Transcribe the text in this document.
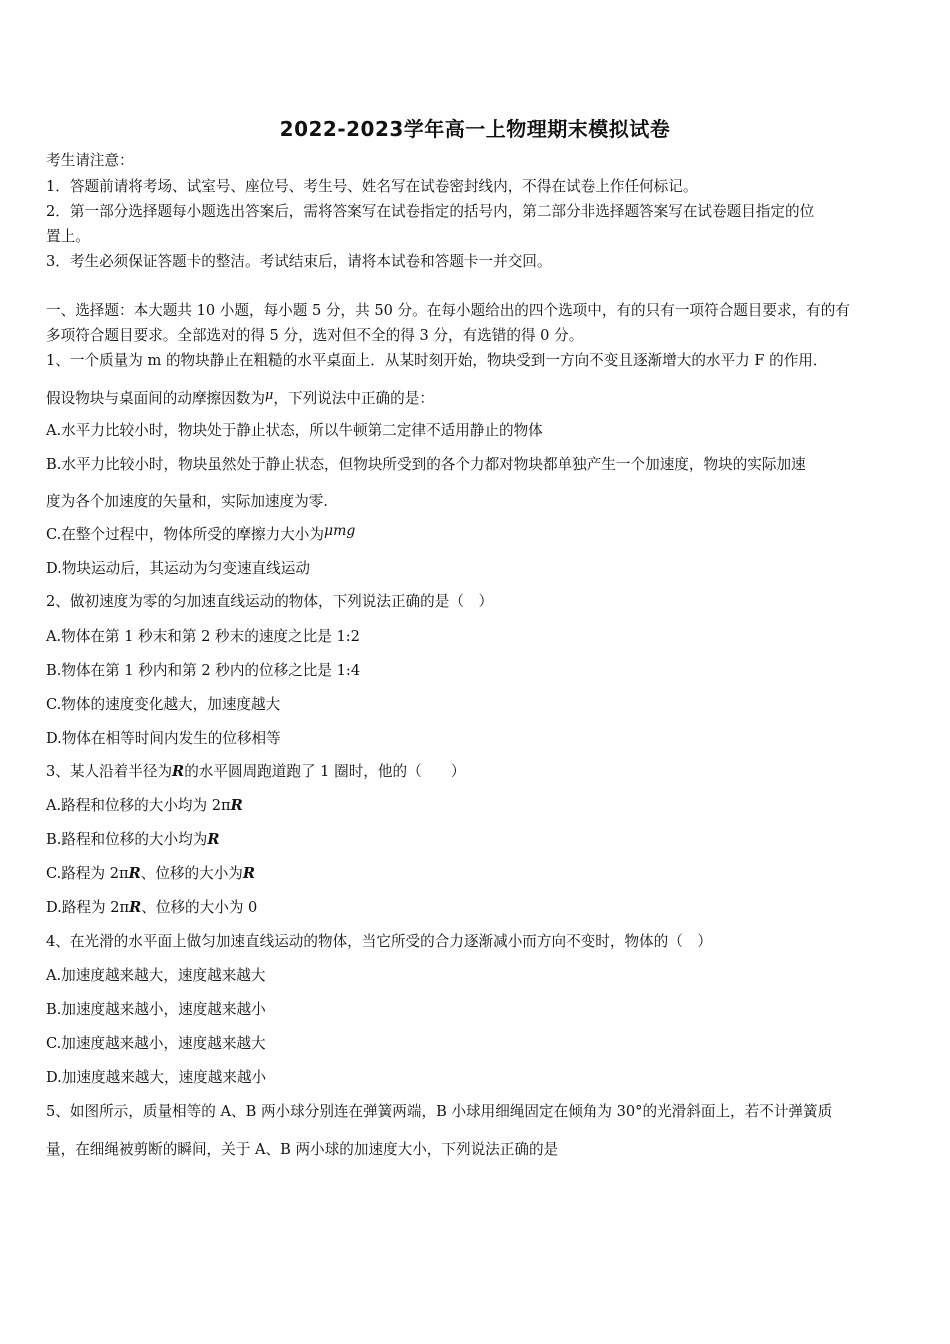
2022-2023学年高一上物理期末模拟试卷
考生请注意：
1．答题前请将考场、试室号、座位号、考生号、姓名写在试卷密封线内，不得在试卷上作任何标记。
2．第一部分选择题每小题选出答案后，需将答案写在试卷指定的括号内，第二部分非选择题答案写在试卷题目指定的位
置上。
3．考生必须保证答题卡的整洁。考试结束后，请将本试卷和答题卡一并交回。
一、选择题：本大题共 10 小题，每小题 5 分，共 50 分。在每小题给出的四个选项中，有的只有一项符合题目要求，有的有
多项符合题目要求。全部选对的得 5 分，选对但不全的得 3 分，有选错的得 0 分。
1、一个质量为 m 的物块静止在粗糙的水平桌面上．从某时刻开始，物块受到一方向不变且逐渐增大的水平力 F 的作用．
假设物块与桌面间的动摩擦因数为μ，下列说法中正确的是：
A.水平力比较小时，物块处于静止状态，所以牛顿第二定律不适用静止的物体
B.水平力比较小时，物块虽然处于静止状态，但物块所受到的各个力都对物块都单独产生一个加速度，物块的实际加速
度为各个加速度的矢量和，实际加速度为零.
C.在整个过程中，物体所受的摩擦力大小为μmg
D.物块运动后，其运动为匀变速直线运动
2、做初速度为零的匀加速直线运动的物体，下列说法正确的是（　）
A.物体在第 1 秒末和第 2 秒末的速度之比是 1:2
B.物体在第 1 秒内和第 2 秒内的位移之比是 1:4
C.物体的速度变化越大，加速度越大
D.物体在相等时间内发生的位移相等
3、某人沿着半径为R的水平圆周跑道跑了 1 圈时，他的（　　）
A.路程和位移的大小均为 2πR
B.路程和位移的大小均为R
C.路程为 2πR、位移的大小为R
D.路程为 2πR、位移的大小为 0
4、在光滑的水平面上做匀加速直线运动的物体，当它所受的合力逐渐减小而方向不变时，物体的（　）
A.加速度越来越大，速度越来越大
B.加速度越来越小，速度越来越小
C.加速度越来越小，速度越来越大
D.加速度越来越大，速度越来越小
5、如图所示，质量相等的 A、B 两小球分别连在弹簧两端，B 小球用细绳固定在倾角为 30°的光滑斜面上，若不计弹簧质
量，在细绳被剪断的瞬间，关于 A、B 两小球的加速度大小，下列说法正确的是
